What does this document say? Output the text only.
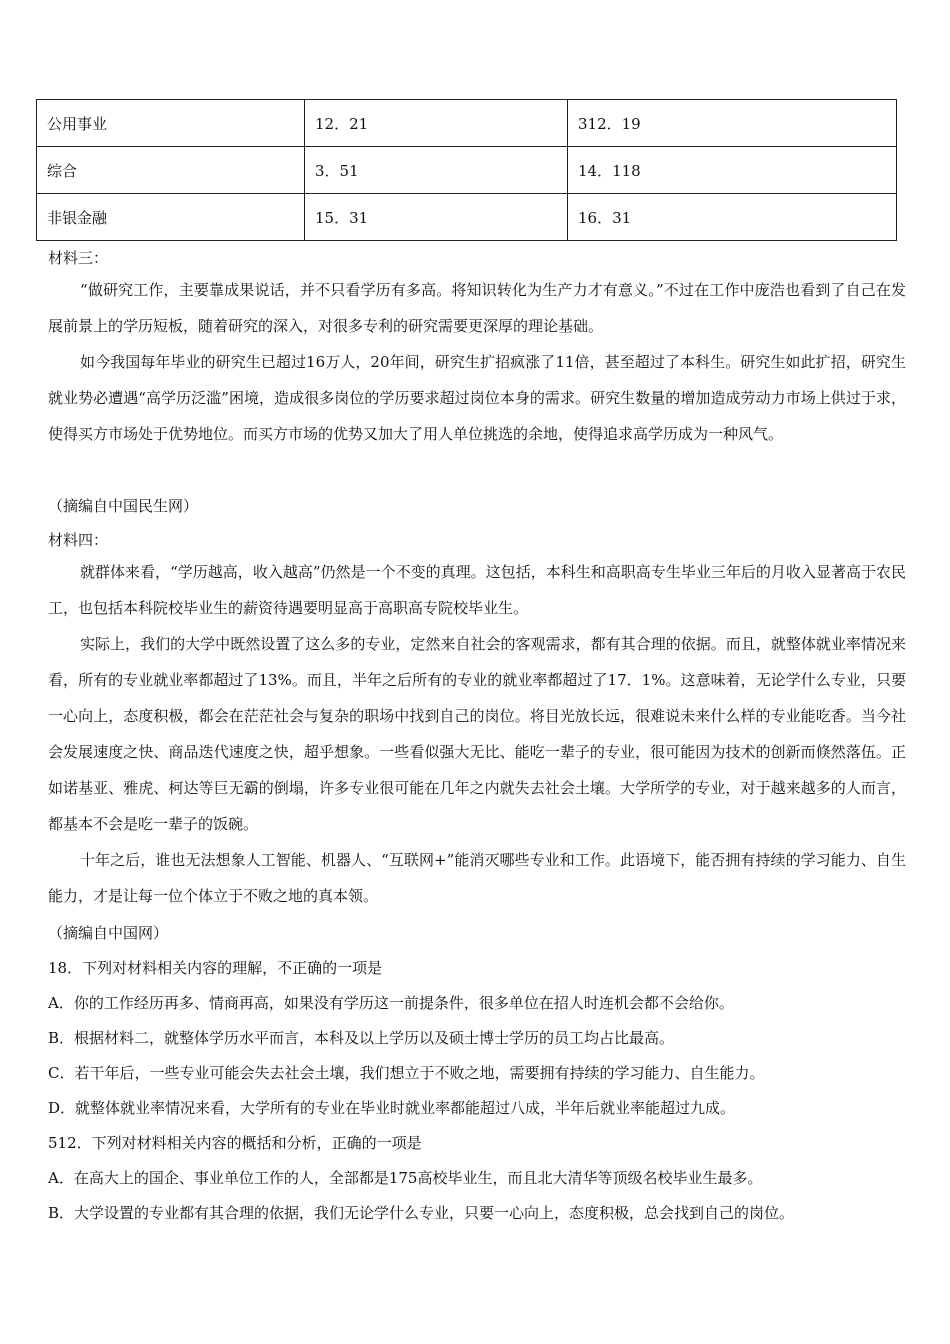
公用事业	12．21	312．19
综合	3．51	14．118
非银金融	15．31	16．31
材料三：
“做研究工作，主要靠成果说话，并不只看学历有多高。将知识转化为生产力才有意义。”不过在工作中庞浩也看到了自己在发展前景上的学历短板，随着研究的深入，对很多专利的研究需要更深厚的理论基础。
如今我国每年毕业的研究生已超过16万人，20年间，研究生扩招疯涨了11倍，甚至超过了本科生。研究生如此扩招，研究生就业势必遭遇“高学历泛滥”困境，造成很多岗位的学历要求超过岗位本身的需求。研究生数量的增加造成劳动力市场上供过于求，使得买方市场处于优势地位。而买方市场的优势又加大了用人单位挑选的余地，使得追求高学历成为一种风气。
（摘编自中国民生网）
材料四：
就群体来看，“学历越高，收入越高”仍然是一个不变的真理。这包括，本科生和高职高专生毕业三年后的月收入显著高于农民工，也包括本科院校毕业生的薪资待遇要明显高于高职高专院校毕业生。
实际上，我们的大学中既然设置了这么多的专业，定然来自社会的客观需求，都有其合理的依据。而且，就整体就业率情况来看，所有的专业就业率都超过了13%。而且，半年之后所有的专业的就业率都超过了17．1%。这意味着，无论学什么专业，只要一心向上，态度积极，都会在茫茫社会与复杂的职场中找到自己的岗位。将目光放长远，很难说未来什么样的专业能吃香。当今社会发展速度之快、商品迭代速度之快，超乎想象。一些看似强大无比、能吃一辈子的专业，很可能因为技术的创新而倏然落伍。正如诺基亚、雅虎、柯达等巨无霸的倒塌，许多专业很可能在几年之内就失去社会土壤。大学所学的专业，对于越来越多的人而言，都基本不会是吃一辈子的饭碗。
十年之后，谁也无法想象人工智能、机器人、“互联网+”能消灭哪些专业和工作。此语境下，能否拥有持续的学习能力、自生能力，才是让每一位个体立于不败之地的真本领。
（摘编自中国网）
18．下列对材料相关内容的理解，不正确的一项是
A．你的工作经历再多、情商再高，如果没有学历这一前提条件，很多单位在招人时连机会都不会给你。
B．根据材料二，就整体学历水平而言，本科及以上学历以及硕士博士学历的员工均占比最高。
C．若干年后，一些专业可能会失去社会土壤，我们想立于不败之地，需要拥有持续的学习能力、自生能力。
D．就整体就业率情况来看，大学所有的专业在毕业时就业率都能超过八成，半年后就业率能超过九成。
512．下列对材料相关内容的概括和分析，正确的一项是
A．在高大上的国企、事业单位工作的人，全部都是175高校毕业生，而且北大清华等顶级名校毕业生最多。
B．大学设置的专业都有其合理的依据，我们无论学什么专业，只要一心向上，态度积极，总会找到自己的岗位。
